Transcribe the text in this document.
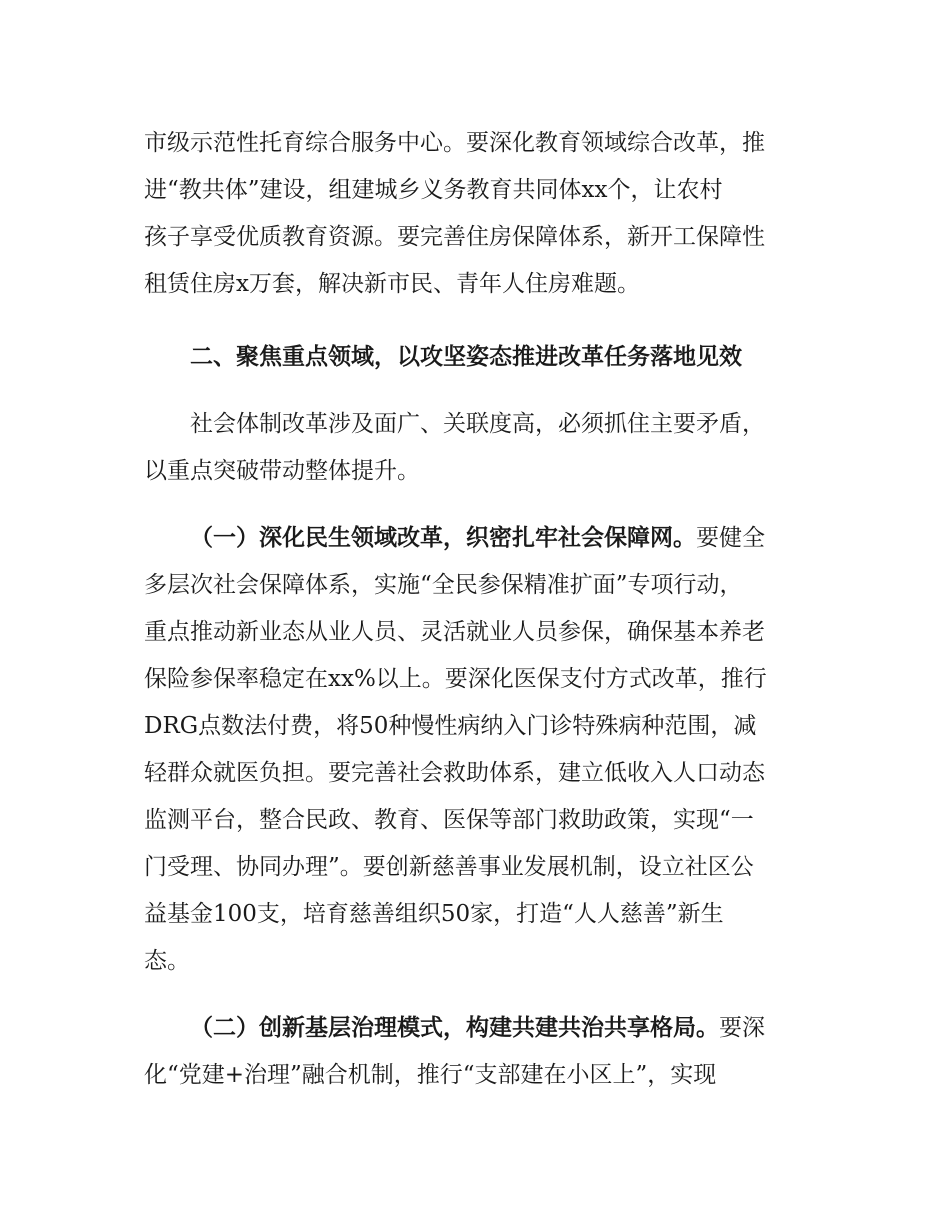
市级示范性托育综合服务中心。要深化教育领域综合改革，推
进“教共体”建设，组建城乡义务教育共同体xx个，让农村
孩子享受优质教育资源。要完善住房保障体系，新开工保障性
租赁住房x万套，解决新市民、青年人住房难题。
二、聚焦重点领域，以攻坚姿态推进改革任务落地见效
社会体制改革涉及面广、关联度高，必须抓住主要矛盾，
以重点突破带动整体提升。
（一）深化民生领域改革，织密扎牢社会保障网。要健全
多层次社会保障体系，实施“全民参保精准扩面”专项行动，
重点推动新业态从业人员、灵活就业人员参保，确保基本养老
保险参保率稳定在xx%以上。要深化医保支付方式改革，推行
DRG点数法付费，将50种慢性病纳入门诊特殊病种范围，减
轻群众就医负担。要完善社会救助体系，建立低收入人口动态
监测平台，整合民政、教育、医保等部门救助政策，实现“一
门受理、协同办理”。要创新慈善事业发展机制，设立社区公
益基金100支，培育慈善组织50家，打造“人人慈善”新生
态。
（二）创新基层治理模式，构建共建共治共享格局。要深
化“党建+治理”融合机制，推行“支部建在小区上”，实现
